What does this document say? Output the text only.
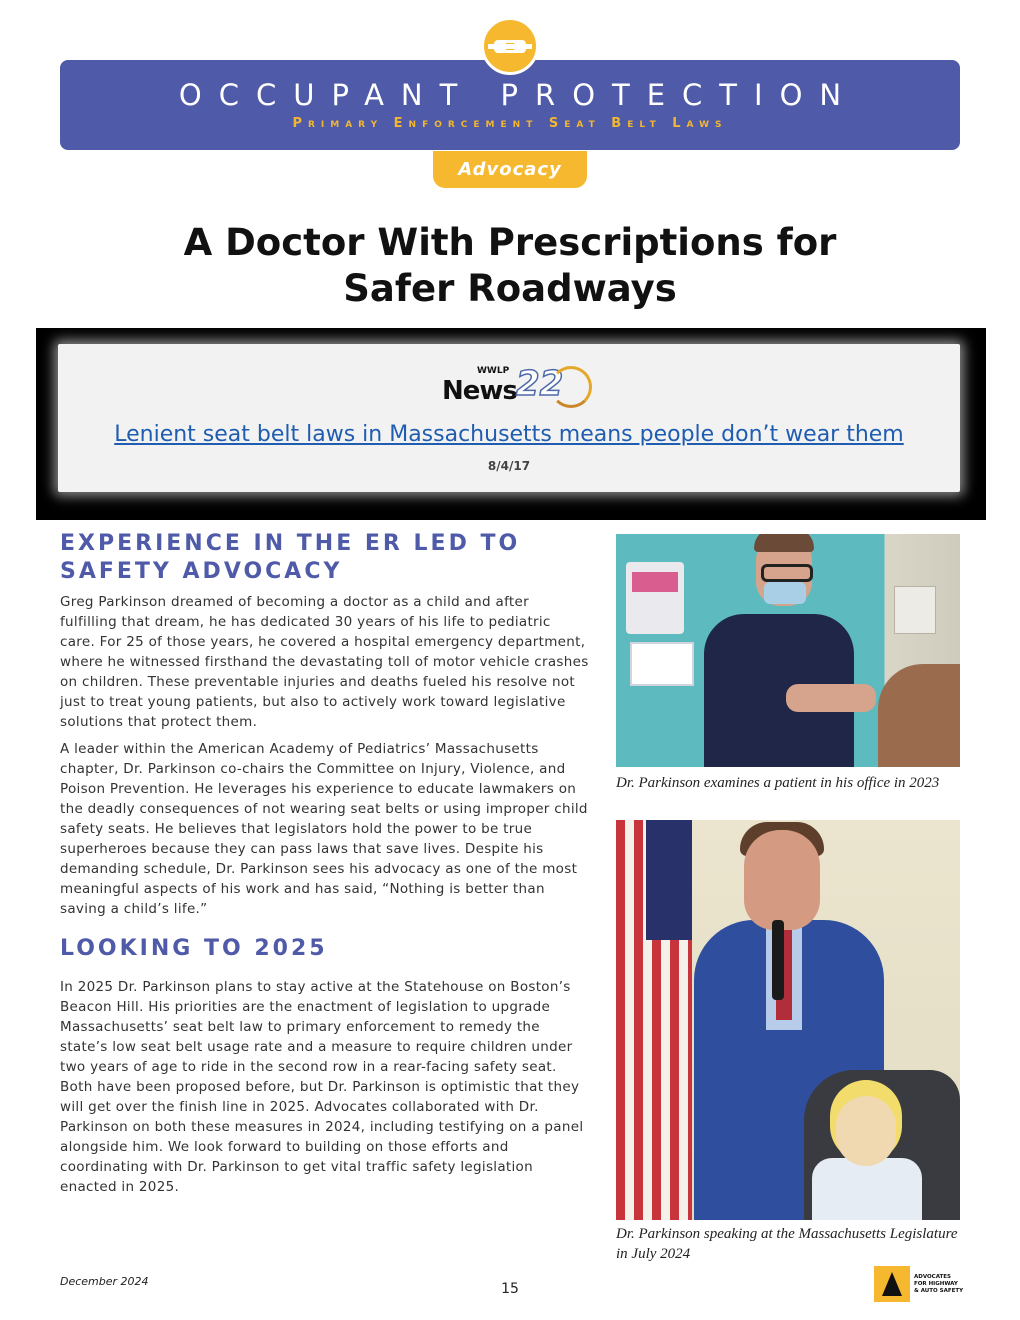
OCCUPANT PROTECTION
Primary Enforcement Seat Belt Laws
Advocacy
A Doctor With Prescriptions for
Safer Roadways
WWLP
News 22
Lenient seat belt laws in Massachusetts means people don’t wear them
8/4/17
EXPERIENCE IN THE ER LED TO
SAFETY ADVOCACY

Greg Parkinson dreamed of becoming a doctor as a child and after fulfilling that dream, he has dedicated 30 years of his life to pediatric care. For 25 of those years, he covered a hospital emergency department, where he witnessed firsthand the devastating toll of motor vehicle crashes on children. These preventable injuries and deaths fueled his resolve not just to treat young patients, but also to actively work toward legislative solutions that protect them.

A leader within the American Academy of Pediatrics’ Massachusetts chapter, Dr. Parkinson co-chairs the Committee on Injury, Violence, and Poison Prevention. He leverages his experience to educate lawmakers on the deadly consequences of not wearing seat belts or using improper child safety seats. He believes that legislators hold the power to be true superheroes because they can pass laws that save lives. Despite his demanding schedule, Dr. Parkinson sees his advocacy as one of the most meaningful aspects of his work and has said, “Nothing is better than saving a child’s life.”

LOOKING TO 2025

In 2025 Dr. Parkinson plans to stay active at the Statehouse on Boston’s Beacon Hill. His priorities are the enactment of legislation to upgrade Massachusetts’ seat belt law to primary enforcement to remedy the state’s low seat belt usage rate and a measure to require children under two years of age to ride in the second row in a rear-facing safety seat. Both have been proposed before, but Dr. Parkinson is optimistic that they will get over the finish line in 2025. Advocates collaborated with Dr. Parkinson on both these measures in 2024, including testifying on a panel alongside him. We look forward to building on those efforts and coordinating with Dr. Parkinson to get vital traffic safety legislation enacted in 2025.

Dr. Parkinson examines a patient in his office in 2023

Dr. Parkinson speaking at the Massachusetts Legislature in July 2024

December 2024	15
ADVOCATES FOR HIGHWAY & AUTO SAFETY
